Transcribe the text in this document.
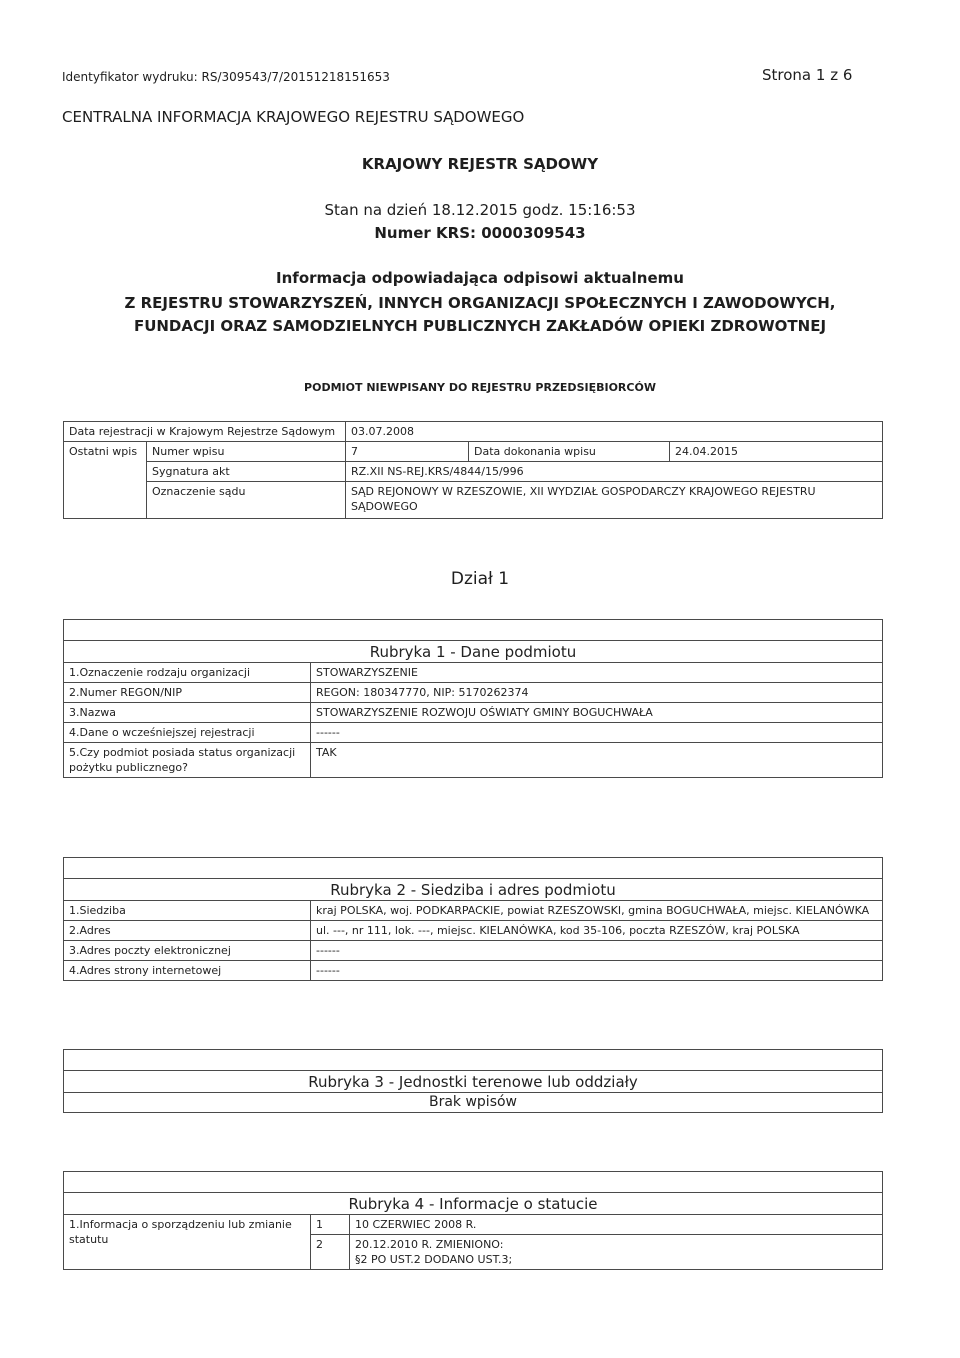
Identyfikator wydruku: RS/309543/7/20151218151653	Strona 1 z 6
CENTRALNA INFORMACJA KRAJOWEGO REJESTRU SĄDOWEGO
KRAJOWY REJESTR SĄDOWY
Stan na dzień 18.12.2015 godz. 15:16:53
Numer KRS: 0000309543
Informacja odpowiadająca odpisowi aktualnemu
Z REJESTRU STOWARZYSZEŃ, INNYCH ORGANIZACJI SPOŁECZNYCH I ZAWODOWYCH,
FUNDACJI ORAZ SAMODZIELNYCH PUBLICZNYCH ZAKŁADÓW OPIEKI ZDROWOTNEJ
PODMIOT NIEWPISANY DO REJESTRU PRZEDSIĘBIORCÓW
Data rejestracji w Krajowym Rejestrze Sądowym		03.07.2008		
Ostatni wpis	Numer wpisu	7	Data dokonania wpisu	24.04.2015
	Sygnatura akt	RZ.XII NS-REJ.KRS/4844/15/996		
	Oznaczenie sądu	SĄD REJONOWY W RZESZOWIE, XII WYDZIAŁ GOSPODARCZY KRAJOWEGO REJESTRU SĄDOWEGO		
Dział 1

Rubryka 1 - Dane podmiotu	
1.Oznaczenie rodzaju organizacji	STOWARZYSZENIE
2.Numer REGON/NIP	REGON: 180347770, NIP: 5170262374
3.Nazwa	STOWARZYSZENIE ROZWOJU OŚWIATY GMINY BOGUCHWAŁA
4.Dane o wcześniejszej rejestracji	------
5.Czy podmiot posiada status organizacji pożytku publicznego?	TAK

Rubryka 2 - Siedziba i adres podmiotu	
1.Siedziba	kraj POLSKA, woj. PODKARPACKIE, powiat RZESZOWSKI, gmina BOGUCHWAŁA, miejsc. KIELANÓWKA
2.Adres	ul. ---, nr 111, lok. ---, miejsc. KIELANÓWKA, kod 35-106, poczta RZESZÓW, kraj POLSKA
3.Adres poczty elektronicznej	------
4.Adres strony internetowej	------

Rubryka 3 - Jednostki terenowe lub oddziały
Brak wpisów

Rubryka 4 - Informacje o statucie		
1.Informacja o sporządzeniu lub zmianie statutu	1	10 CZERWIEC 2008 R.
	2	20.12.2010 R. ZMIENIONO:
§2 PO UST.2 DODANO UST.3;
